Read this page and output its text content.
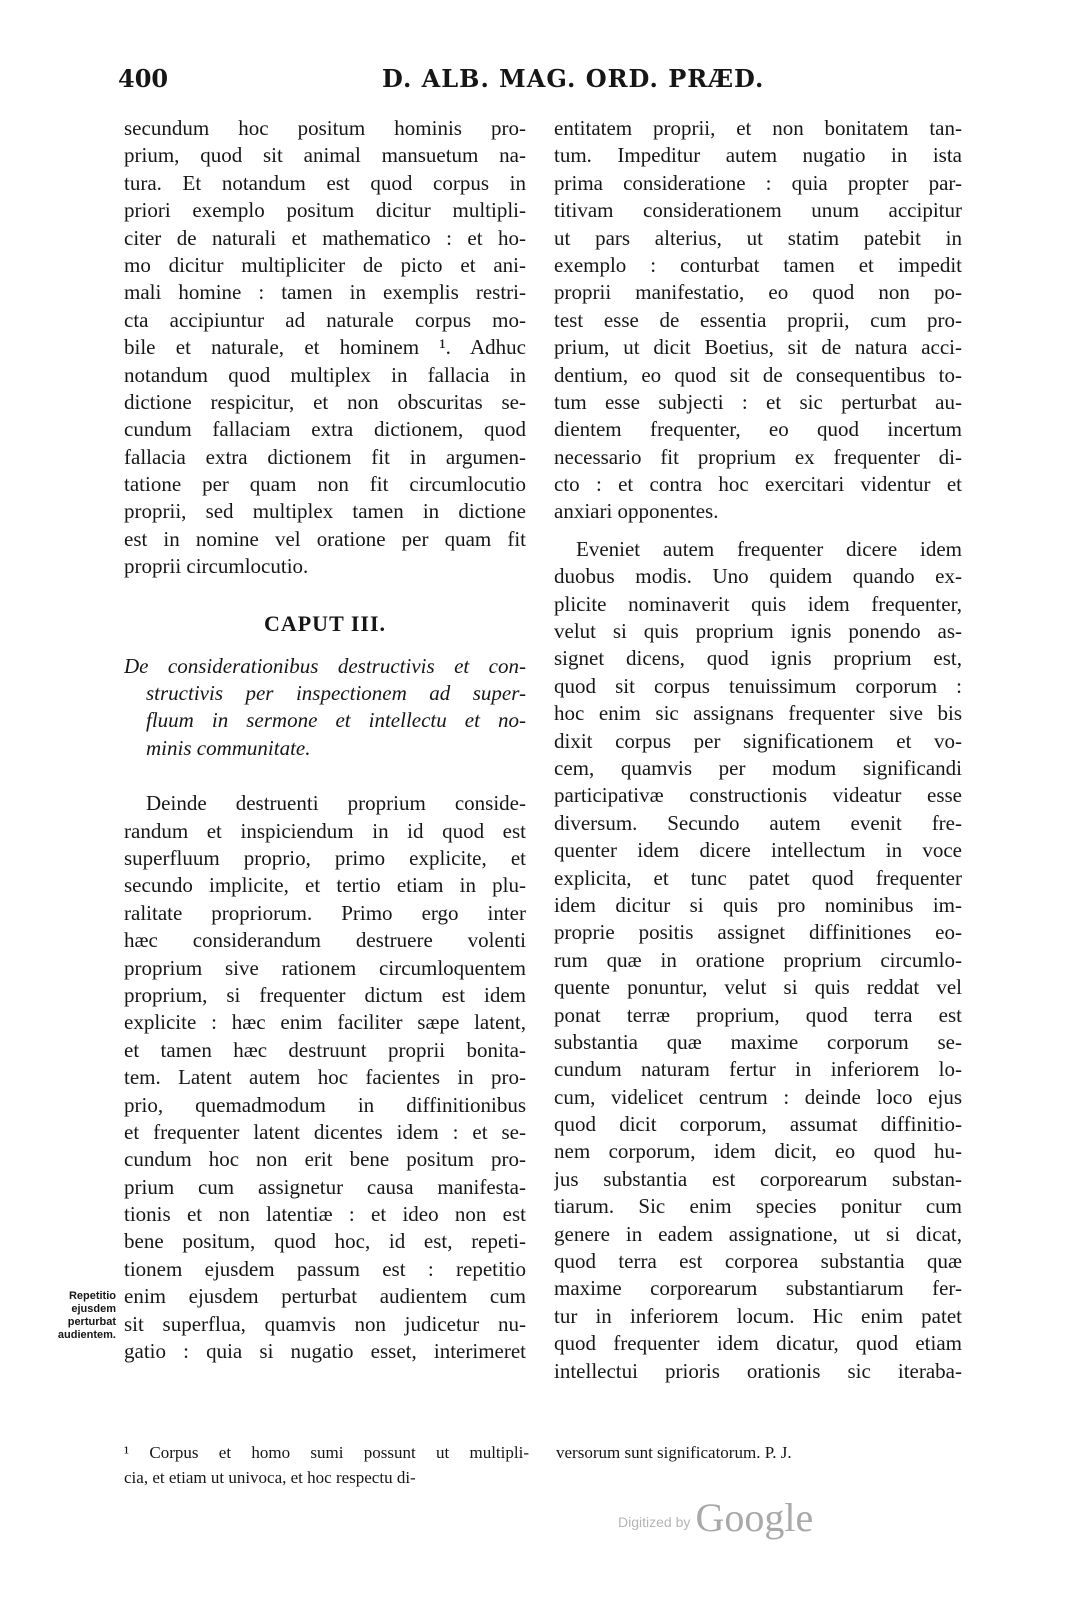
400	D. ALB. MAG. ORD. PRÆD.
secundum hoc positum hominis pro-
prium, quod sit animal mansuetum na-
tura. Et notandum est quod corpus in
priori exemplo positum dicitur multipli-
citer de naturali et mathematico : et ho-
mo dicitur multipliciter de picto et ani-
mali homine : tamen in exemplis restri-
cta accipiuntur ad naturale corpus mo-
bile et naturale, et hominem ¹. Adhuc
notandum quod multiplex in fallacia in
dictione respicitur, et non obscuritas se-
cundum fallaciam extra dictionem, quod
fallacia extra dictionem fit in argumen-
tatione per quam non fit circumlocutio
proprii, sed multiplex tamen in dictione
est in nomine vel oratione per quam fit
proprii circumlocutio.
CAPUT III.
De considerationibus destructivis et con-
structivis per inspectionem ad super-
fluum in sermone et intellectu et no-
minis communitate.
Deinde destruenti proprium conside-
randum et inspiciendum in id quod est
superfluum proprio, primo explicite, et
secundo implicite, et tertio etiam in plu-
ralitate propriorum. Primo ergo inter
hæc considerandum destruere volenti
proprium sive rationem circumloquentem
proprium, si frequenter dictum est idem
explicite : hæc enim faciliter sæpe latent,
et tamen hæc destruunt proprii bonita-
tem. Latent autem hoc facientes in pro-
prio, quemadmodum in diffinitionibus
et frequenter latent dicentes idem : et se-
cundum hoc non erit bene positum pro-
prium cum assignetur causa manifesta-
tionis et non latentiæ : et ideo non est
bene positum, quod hoc, id est, repeti-
tionem ejusdem passum est : repetitio
enim ejusdem perturbat audientem cum
sit superflua, quamvis non judicetur nu-
gatio : quia si nugatio esset, interimeret
Repetitio
ejusdem
perturbat
audientem.
entitatem proprii, et non bonitatem tan-
tum. Impeditur autem nugatio in ista
prima consideratione : quia propter par-
titivam considerationem unum accipitur
ut pars alterius, ut statim patebit in
exemplo : conturbat tamen et impedit
proprii manifestatio, eo quod non po-
test esse de essentia proprii, cum pro-
prium, ut dicit Boetius, sit de natura acci-
dentium, eo quod sit de consequentibus to-
tum esse subjecti : et sic perturbat au-
dientem frequenter, eo quod incertum
necessario fit proprium ex frequenter di-
cto : et contra hoc exercitari videntur et
anxiari opponentes.
Eveniet autem frequenter dicere idem
duobus modis. Uno quidem quando ex-
plicite nominaverit quis idem frequenter,
velut si quis proprium ignis ponendo as-
signet dicens, quod ignis proprium est,
quod sit corpus tenuissimum corporum :
hoc enim sic assignans frequenter sive bis
dixit corpus per significationem et vo-
cem, quamvis per modum significandi
participativæ constructionis videatur esse
diversum. Secundo autem evenit fre-
quenter idem dicere intellectum in voce
explicita, et tunc patet quod frequenter
idem dicitur si quis pro nominibus im-
proprie positis assignet diffinitiones eo-
rum quæ in oratione proprium circumlo-
quente ponuntur, velut si quis reddat vel
ponat terræ proprium, quod terra est
substantia quæ maxime corporum se-
cundum naturam fertur in inferiorem lo-
cum, videlicet centrum : deinde loco ejus
quod dicit corporum, assumat diffinitio-
nem corporum, idem dicit, eo quod hu-
jus substantia est corporearum substan-
tiarum. Sic enim species ponitur cum
genere in eadem assignatione, ut si dicat,
quod terra est corporea substantia quæ
maxime corporearum substantiarum fer-
tur in inferiorem locum. Hic enim patet
quod frequenter idem dicatur, quod etiam
intellectui prioris orationis sic iteraba-
¹ Corpus et homo sumi possunt ut multipli-
cia, et etiam ut univoca, et hoc respectu di-
versorum sunt significatorum. P. J.
Digitized by Google
